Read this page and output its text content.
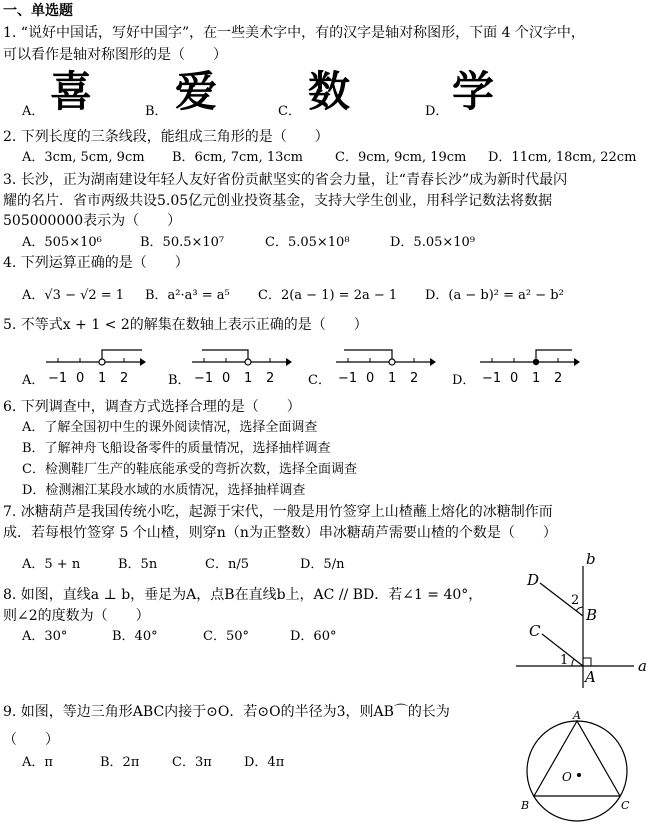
一、单选题
1. “说好中国话，写好中国字”，在一些美术字中，有的汉字是轴对称图形，下面 4 个汉字中，
可以看作是轴对称图形的是（　　）
A． 喜	B． 爱	C． 数	D． 学
2. 下列长度的三条线段，能组成三角形的是（　　）
A．3cm, 5cm, 9cm B．6cm, 7cm, 13cm C．9cm, 9cm, 19cm D．11cm, 18cm, 22cm
3. 长沙，正为湖南建设年轻人友好省份贡献坚实的省会力量，让“青春长沙”成为新时代最闪
耀的名片．省市两级共设5.05亿元创业投资基金，支持大学生创业，用科学记数法将数据
505000000表示为（　　）
A．505×10⁶	B．50.5×10⁷	C．5.05×10⁸	D．5.05×10⁹
4. 下列运算正确的是（　　）
A．√3 − √2 = 1 B．a²·a³ = a⁵ C．2(a − 1) = 2a − 1 D．(a − b)² = a² − b²
5. 不等式x + 1 < 2的解集在数轴上表示正确的是（　　）
A．	B．	C．	D．
−1 0 1 2	−1 0 1 2	−1 0 1 2	−1 0 1 2
6. 下列调查中，调查方式选择合理的是（　　）
A．了解全国初中生的课外阅读情况，选择全面调查
B．了解神舟飞船设备零件的质量情况，选择抽样调查
C．检测鞋厂生产的鞋底能承受的弯折次数，选择全面调查
D．检测湘江某段水域的水质情况，选择抽样调查
7. 冰糖葫芦是我国传统小吃，起源于宋代，一般是用竹签穿上山楂蘸上熔化的冰糖制作而
成．若每根竹签穿 5 个山楂，则穿n（n为正整数）串冰糖葫芦需要山楂的个数是（　　）
A．5 + n	B．5n	C．n/5	D．5/n
8. 如图，直线a ⊥ b，垂足为A，点B在直线b上，AC // BD．若∠1 = 40°，
则∠2的度数为（　　）
A．30°	B．40°	C．50°	D．60°
b
a
D
C
B
A
1
2
9. 如图，等边三角形ABC内接于⊙O．若⊙O的半径为3，则AB⌒的长为
（　　）
A．π	B．2π	C．3π D．4π
A
B	C
O
